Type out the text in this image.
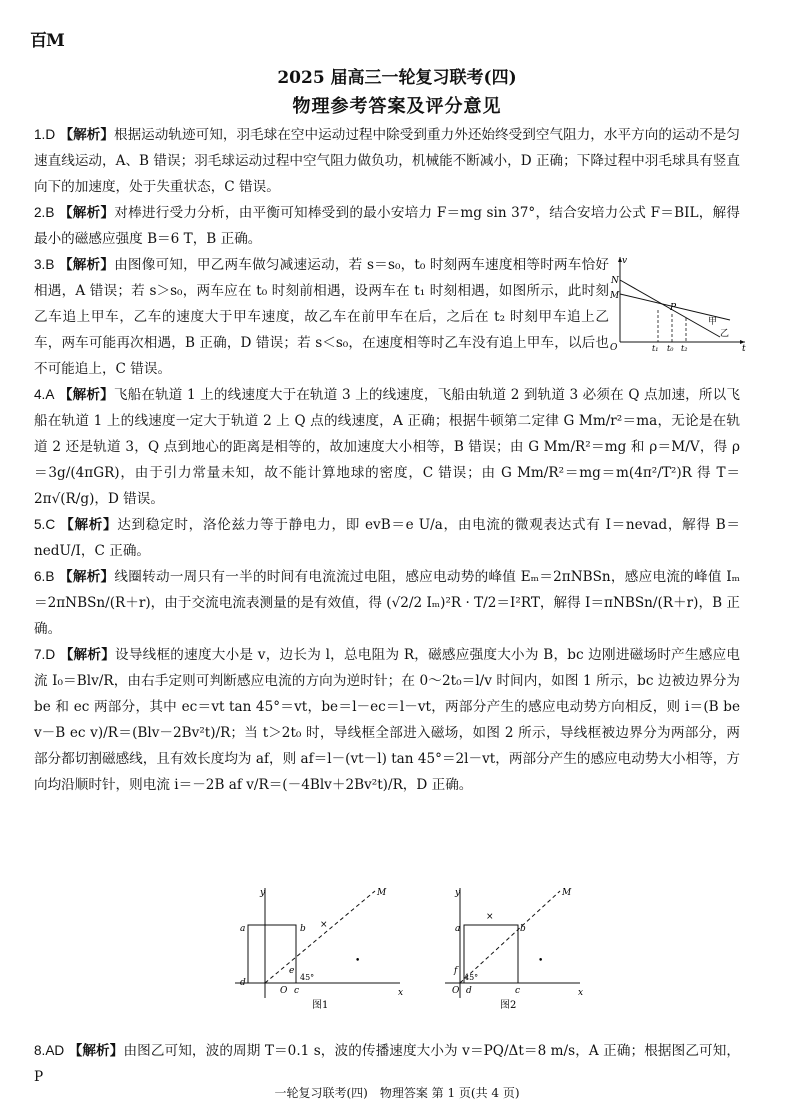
百M
2025 届高三一轮复习联考(四)
物理参考答案及评分意见

1.D 【解析】根据运动轨迹可知，羽毛球在空中运动过程中除受到重力外还始终受到空气阻力，水平方向的运动不是匀速直线运动，A、B 错误；羽毛球运动过程中空气阻力做负功，机械能不断减小，D 正确；下降过程中羽毛球具有竖直向下的加速度，处于失重状态，C 错误。

2.B 【解析】对棒进行受力分析，由平衡可知棒受到的最小安培力 F＝mg sin 37°，结合安培力公式 F＝BIL，解得最小的磁感应强度 B＝6 T，B 正确。

3.B 【解析】由图像可知，甲乙两车做匀减速运动，若 s＝s₀，t₀ 时刻两车速度相等时两车恰好相遇，A 错误；若 s＞s₀，两车应在 t₀ 时刻前相遇，设两车在 t₁ 时刻相遇，如图所示，此时刻乙车追上甲车，乙车的速度大于甲车速度，故乙车在前甲车在后，之后在 t₂ 时刻甲车追上乙车，两车可能再次相遇，B 正确，D 错误；若 s＜s₀，在速度相等时乙车没有追上甲车，以后也不可能追上，C 错误。

4.A 【解析】飞船在轨道 1 上的线速度大于在轨道 3 上的线速度，飞船由轨道 2 到轨道 3 必须在 Q 点加速，所以飞船在轨道 1 上的线速度一定大于轨道 2 上 Q 点的线速度，A 正确；根据牛顿第二定律 G Mm/r²＝ma，无论是在轨道 2 还是轨道 3，Q 点到地心的距离是相等的，故加速度大小相等，B 错误；由 G Mm/R²＝mg 和 ρ＝M/V，得 ρ＝3g/(4πGR)，由于引力常量未知，故不能计算地球的密度，C 错误；由 G Mm/R²＝mg＝m(4π²/T²)R 得 T＝2π√(R/g)，D 错误。

5.C 【解析】达到稳定时，洛伦兹力等于静电力，即 evB＝e U/a，由电流的微观表达式有 I＝nevad，解得 B＝nedU/I，C 正确。

6.B 【解析】线圈转动一周只有一半的时间有电流流过电阻，感应电动势的峰值 Eₘ＝2πNBSn，感应电流的峰值 Iₘ＝2πNBSn/(R＋r)，由于交流电流表测量的是有效值，得 (√2/2 Iₘ)²R · T/2＝I²RT，解得 I＝πNBSn/(R＋r)，B 正确。

7.D 【解析】设导线框的速度大小是 v，边长为 l，总电阻为 R，磁感应强度大小为 B，bc 边刚进磁场时产生感应电流 I₀＝Blv/R，由右手定则可判断感应电流的方向为逆时针；在 0～2t₀＝l/v 时间内，如图 1 所示，bc 边被边界分为 be 和 ec 两部分，其中 ec＝vt tan 45°＝vt，be＝l－ec＝l－vt，两部分产生的感应电动势方向相反，则 i＝(B be v－B ec v)/R＝(Blv－2Bv²t)/R；当 t＞2t₀ 时，导线框全部进入磁场，如图 2 所示，导线框被边界分为两部分，两部分都切割磁感线，且有效长度均为 af，则 af＝l－(vt－l) tan 45°＝2l－vt，两部分产生的感应电动势大小相等，方向均沿顺时针，则电流 i＝－2B af v/R＝(－4Blv＋2Bv²t)/R，D 正确。

v
t
O
N
M
P
甲
乙
t₁ t₀ t₂
y
x
M
a	b
d
O c
e
45°
×
•
图1
y
x
M
a	b
d
O	c
f
45°
×
•
图2

8.AD 【解析】由图乙可知，波的周期 T＝0.1 s，波的传播速度大小为 v＝PQ/Δt＝8 m/s，A 正确；根据图乙可知，P

一轮复习联考(四)　物理答案 第 1 页(共 4 页)
